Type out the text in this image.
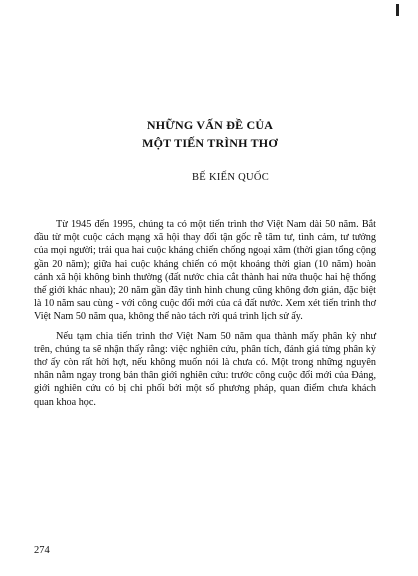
NHỮNG VẤN ĐỀ CỦA
MỘT TIẾN TRÌNH THƠ
BẾ KIẾN QUỐC

Từ 1945 đến 1995, chúng ta có một tiến trình thơ Việt Nam dài 50 năm. Bắt đầu từ một cuộc cách mạng xã hội thay đổi tận gốc rễ tâm tư, tình cảm, tư tưởng của mọi người; trải qua hai cuộc kháng chiến chống ngoại xâm (thời gian tổng cộng gần 20 năm); giữa hai cuộc kháng chiến có một khoảng thời gian (10 năm) hoàn cảnh xã hội không bình thường (đất nước chia cắt thành hai nửa thuộc hai hệ thống thế giới khác nhau); 20 năm gần đây tình hình chung cũng không đơn giản, đặc biệt là 10 năm sau cùng - với công cuộc đổi mới của cả đất nước. Xem xét tiến trình thơ Việt Nam 50 năm qua, không thể nào tách rời quá trình lịch sử ấy.

Nếu tạm chia tiến trình thơ Việt Nam 50 năm qua thành mấy phân kỳ như trên, chúng ta sẽ nhận thấy rằng: việc nghiên cứu, phân tích, đánh giá từng phân kỳ thơ ấy còn rất hời hợt, nếu không muốn nói là chưa có. Một trong những nguyên nhân nằm ngay trong bản thân giới nghiên cứu: trước công cuộc đổi mới của Đảng, giới nghiên cứu có bị chi phối bởi một số phương pháp, quan điểm chưa khách quan khoa học.

274
